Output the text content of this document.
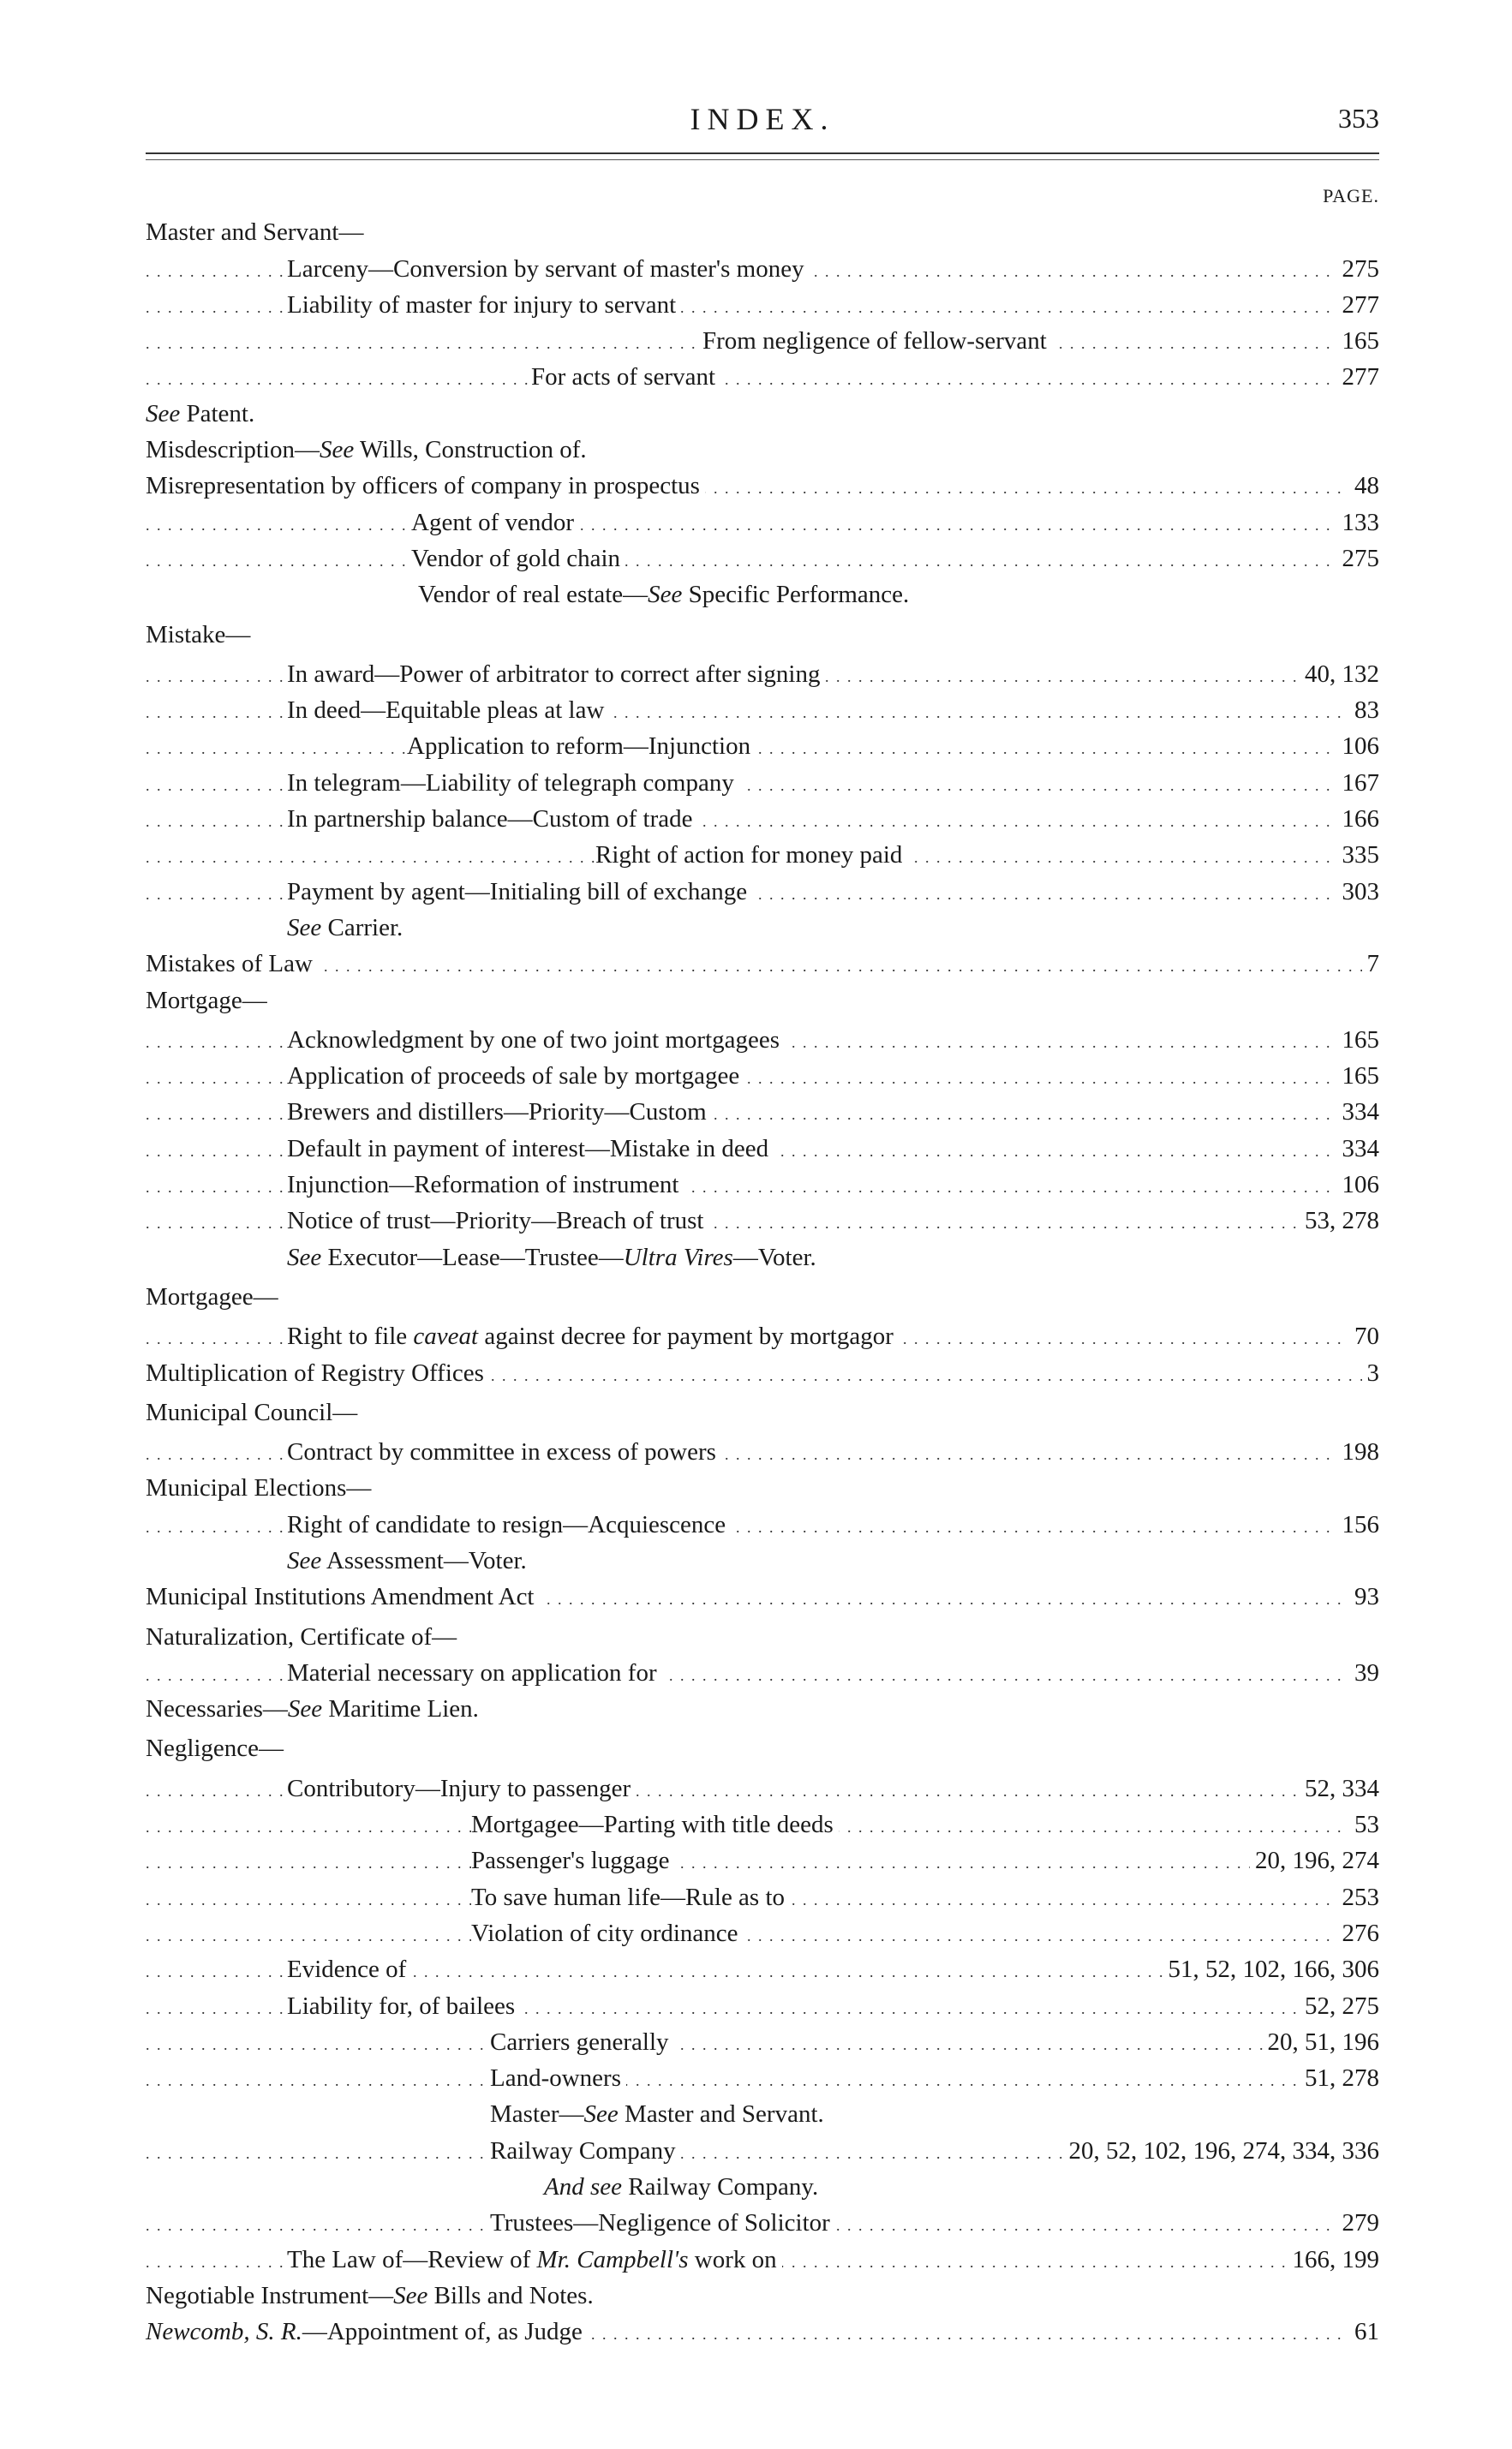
INDEX.	353
PAGE.
Master and Servant—
Larceny—Conversion by servant of master's money . . .	275
Liability of master for injury to servant . . .	277
From negligence of fellow-servant . . .	165
For acts of servant . . .	277
See Patent.
Misdescription—See Wills, Construction of.
Misrepresentation by officers of company in prospectus . . .	48
Agent of vendor . . .	133
Vendor of gold chain . . .	275
Vendor of real estate—See Specific Performance.
Mistake—
In award—Power of arbitrator to correct after signing . . .	40, 132
In deed—Equitable pleas at law . . .	83
Application to reform—Injunction . . .	106
In telegram—Liability of telegraph company . . .	167
In partnership balance—Custom of trade . . .	166
Right of action for money paid . . .	335
Payment by agent—Initialing bill of exchange . . .	303
See Carrier.
Mistakes of Law . . .	7
Mortgage—
Acknowledgment by one of two joint mortgagees . . .	165
Application of proceeds of sale by mortgagee . . .	165
Brewers and distillers—Priority—Custom . . .	334
Default in payment of interest—Mistake in deed . . .	334
Injunction—Reformation of instrument . . .	106
Notice of trust—Priority—Breach of trust . . .	53, 278
See Executor—Lease—Trustee—Ultra Vires—Voter.
Mortgagee—
Right to file caveat against decree for payment by mortgagor . . .	70
Multiplication of Registry Offices . . .	3
Municipal Council—
Contract by committee in excess of powers . . .	198
Municipal Elections—
Right of candidate to resign—Acquiescence . . .	156
See Assessment—Voter.
Municipal Institutions Amendment Act . . .	93
Naturalization, Certificate of—
Material necessary on application for . . .	39
Necessaries—See Maritime Lien.
Negligence—
Contributory—Injury to passenger . . .	52, 334
Mortgagee—Parting with title deeds . . .	53
Passenger's luggage . . .	20, 196, 274
To save human life—Rule as to . . .	253
Violation of city ordinance . . .	276
Evidence of . . .	51, 52, 102, 166, 306
Liability for, of bailees . . .	52, 275
Carriers generally . . .	20, 51, 196
Land-owners . . .	51, 278
Master—See Master and Servant.
Railway Company . . .	20, 52, 102, 196, 274, 334, 336
And see Railway Company.
Trustees—Negligence of Solicitor . . .	279
The Law of—Review of Mr. Campbell's work on . . .	166, 199
Negotiable Instrument—See Bills and Notes.
Newcomb, S. R.—Appointment of, as Judge . . .	61
